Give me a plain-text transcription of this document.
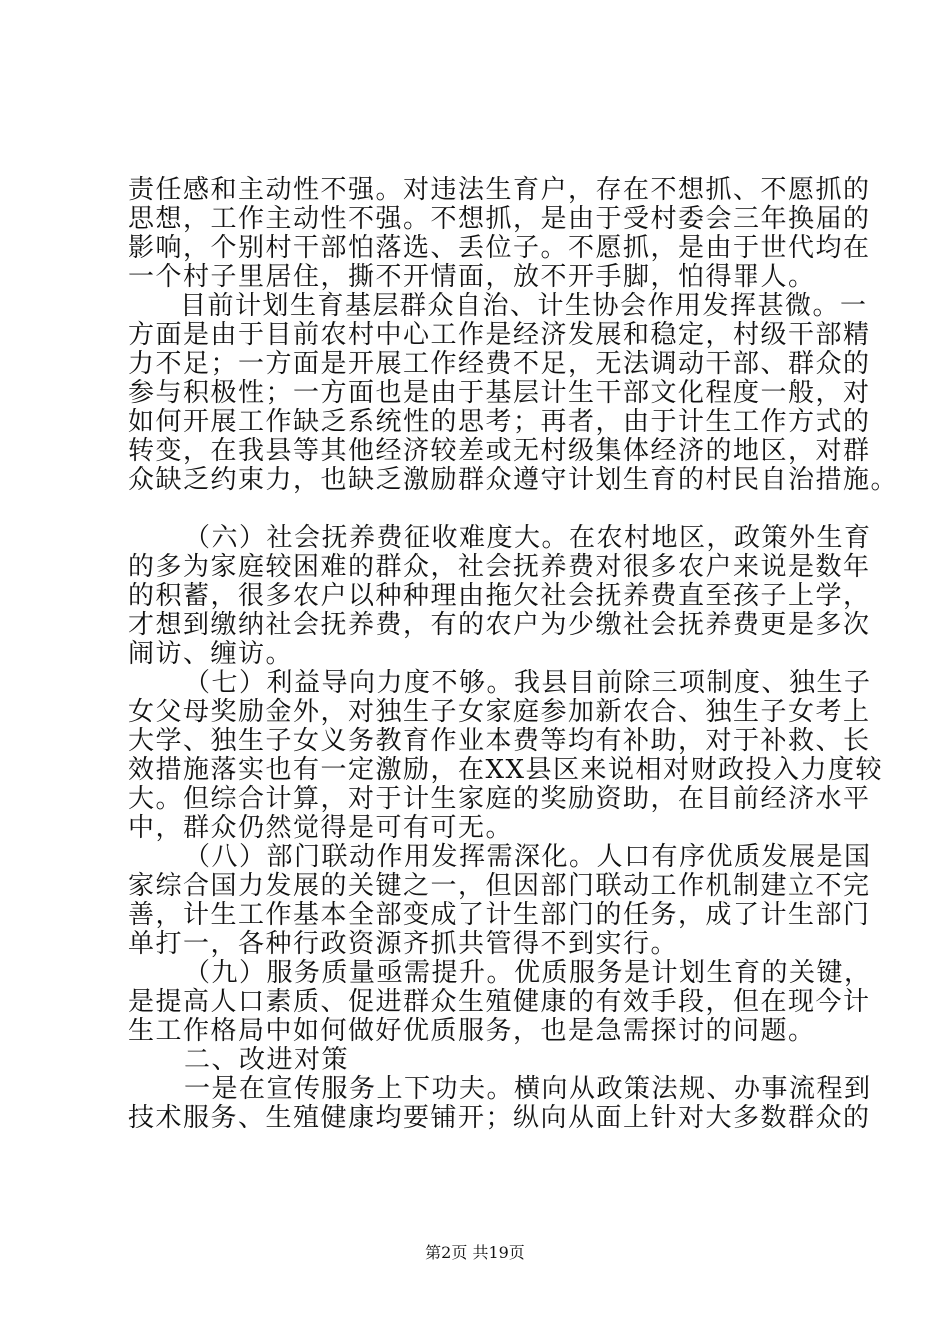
责任感和主动性不强。对违法生育户，存在不想抓、不愿抓的
思想，工作主动性不强。不想抓，是由于受村委会三年换届的
影响，个别村干部怕落选、丢位子。不愿抓，是由于世代均在
一个村子里居住，撕不开情面，放不开手脚，怕得罪人。
目前计划生育基层群众自治、计生协会作用发挥甚微。一
方面是由于目前农村中心工作是经济发展和稳定，村级干部精
力不足；一方面是开展工作经费不足，无法调动干部、群众的
参与积极性；一方面也是由于基层计生干部文化程度一般，对
如何开展工作缺乏系统性的思考；再者，由于计生工作方式的
转变，在我县等其他经济较差或无村级集体经济的地区，对群
众缺乏约束力，也缺乏激励群众遵守计划生育的村民自治措施。
（六）社会抚养费征收难度大。在农村地区，政策外生育
的多为家庭较困难的群众，社会抚养费对很多农户来说是数年
的积蓄，很多农户以种种理由拖欠社会抚养费直至孩子上学，
才想到缴纳社会抚养费，有的农户为少缴社会抚养费更是多次
闹访、缠访。
（七）利益导向力度不够。我县目前除三项制度、独生子
女父母奖励金外，对独生子女家庭参加新农合、独生子女考上
大学、独生子女义务教育作业本费等均有补助，对于补救、长
效措施落实也有一定激励，在XX县区来说相对财政投入力度较
大。但综合计算，对于计生家庭的奖励资助，在目前经济水平
中，群众仍然觉得是可有可无。
（八）部门联动作用发挥需深化。人口有序优质发展是国
家综合国力发展的关键之一，但因部门联动工作机制建立不完
善，计生工作基本全部变成了计生部门的任务，成了计生部门
单打一，各种行政资源齐抓共管得不到实行。
（九）服务质量亟需提升。优质服务是计划生育的关键，
是提高人口素质、促进群众生殖健康的有效手段，但在现今计
生工作格局中如何做好优质服务，也是急需探讨的问题。
二、改进对策
一是在宣传服务上下功夫。横向从政策法规、办事流程到
技术服务、生殖健康均要铺开；纵向从面上针对大多数群众的
第2页 共19页
